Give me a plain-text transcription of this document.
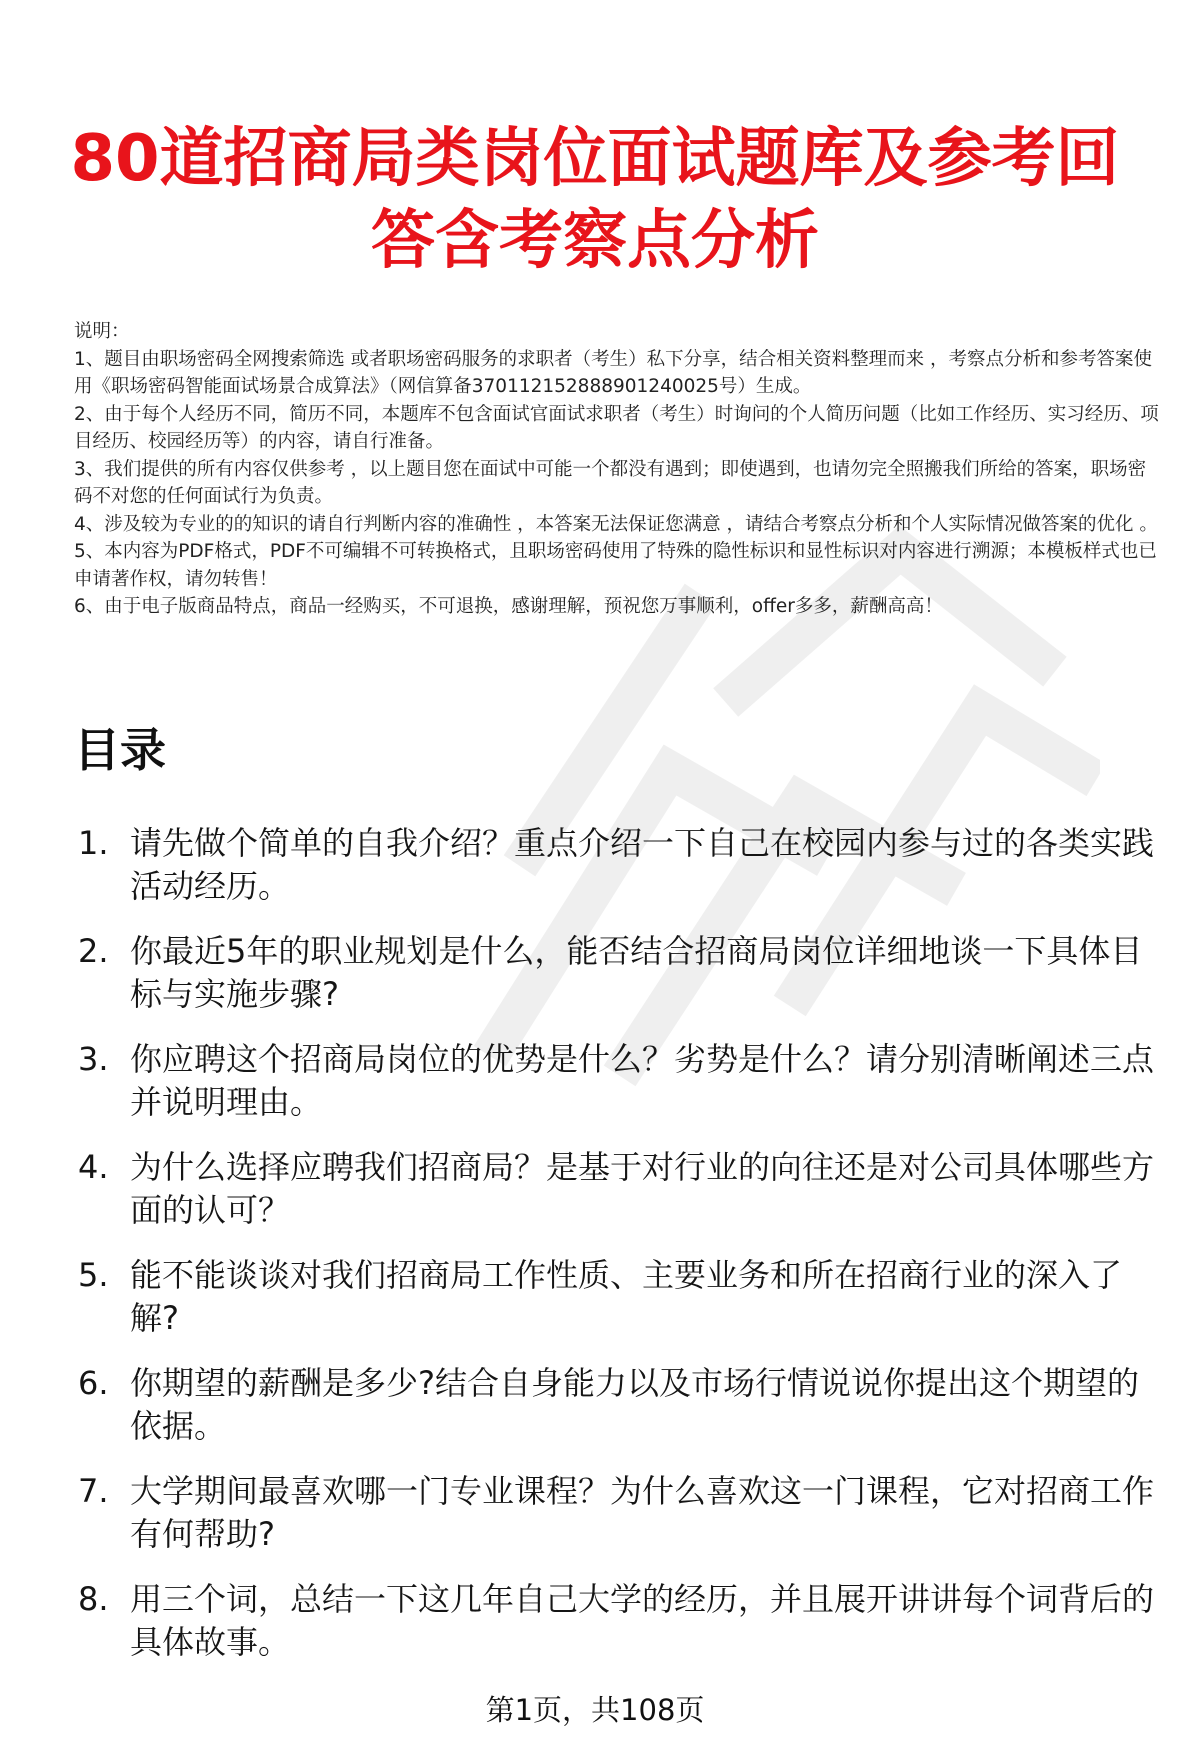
80道招商局类岗位面试题库及参考回答含考察点分析

说明：

1、题目由职场密码全网搜索筛选 或者职场密码服务的求职者（考生）私下分享，结合相关资料整理而来 ，考察点分析和参考答案使用《职场密码智能面试场景合成算法》（网信算备370112152888901240025号）生成。

2、由于每个人经历不同，简历不同，本题库不包含面试官面试求职者（考生）时询问的个人简历问题（比如工作经历、实习经历、项目经历、校园经历等）的内容，请自行准备。

3、我们提供的所有内容仅供参考 ，以上题目您在面试中可能一个都没有遇到；即使遇到，也请勿完全照搬我们所给的答案，职场密码不对您的任何面试行为负责。

4、涉及较为专业的的知识的请自行判断内容的准确性 ，本答案无法保证您满意 ，请结合考察点分析和个人实际情况做答案的优化 。

5、本内容为PDF格式，PDF不可编辑不可转换格式，且职场密码使用了特殊的隐性标识和显性标识对内容进行溯源；本模板样式也已申请著作权，请勿转售！

6、由于电子版商品特点，商品一经购买，不可退换，感谢理解，预祝您万事顺利，offer多多，薪酬高高！

目录
1. 请先做个简单的自我介绍？重点介绍一下自己在校园内参与过的各类实践活动经历。
2. 你最近5年的职业规划是什么，能否结合招商局岗位详细地谈一下具体目标与实施步骤?
3. 你应聘这个招商局岗位的优势是什么？劣势是什么？请分别清晰阐述三点并说明理由。
4. 为什么选择应聘我们招商局？是基于对行业的向往还是对公司具体哪些方面的认可？
5. 能不能谈谈对我们招商局工作性质、主要业务和所在招商行业的深入了解?
6. 你期望的薪酬是多少?结合自身能力以及市场行情说说你提出这个期望的依据。
7. 大学期间最喜欢哪一门专业课程？为什么喜欢这一门课程，它对招商工作有何帮助?
8. 用三个词，总结一下这几年自己大学的经历，并且展开讲讲每个词背后的具体故事。
第1页，共108页
